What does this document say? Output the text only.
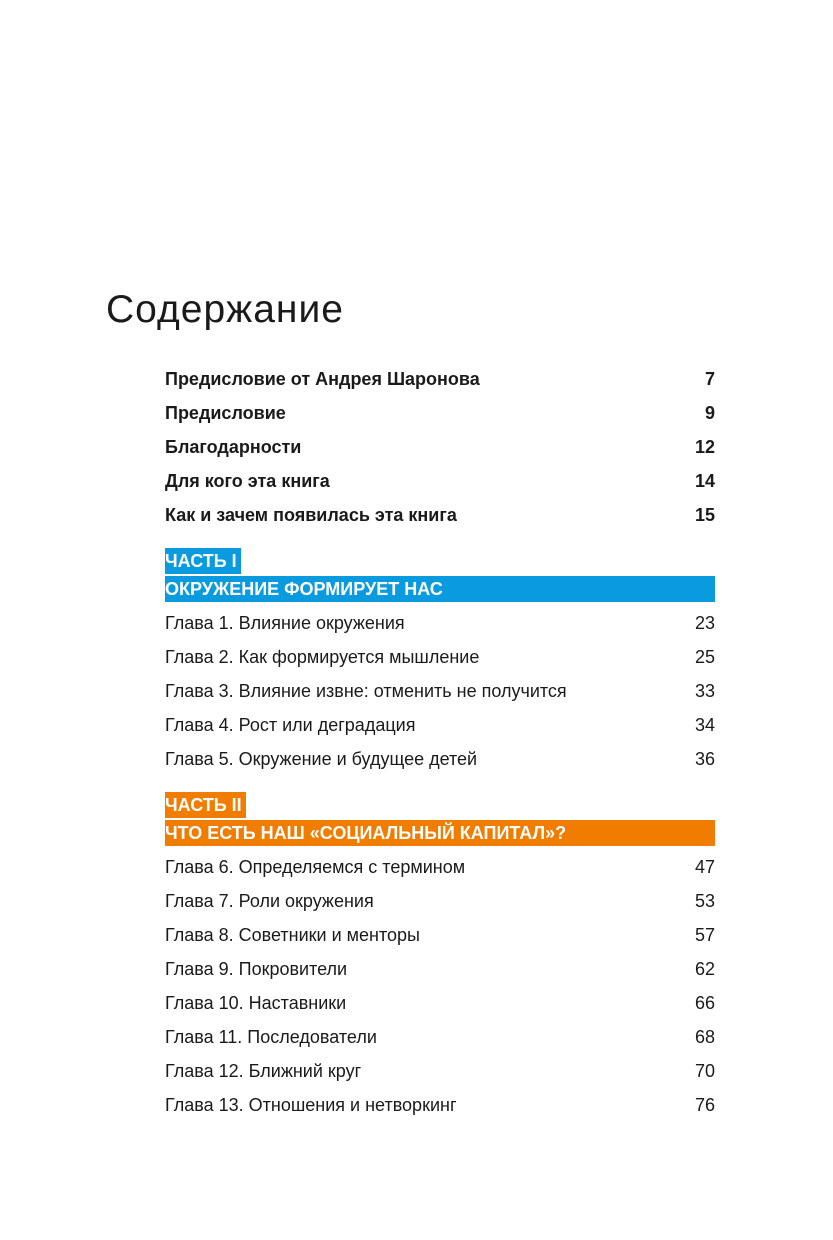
Содержание
Предисловие от Андрея Шаронова	7
Предисловие	9
Благодарности	12
Для кого эта книга	14
Как и зачем появилась эта книга	15
ЧАСТЬ I
ОКРУЖЕНИЕ ФОРМИРУЕТ НАС
Глава 1. Влияние окружения	23
Глава 2. Как формируется мышление	25
Глава 3. Влияние извне: отменить не получится	33
Глава 4. Рост или деградация	34
Глава 5. Окружение и будущее детей	36
ЧАСТЬ II
ЧТО ЕСТЬ НАШ «СОЦИАЛЬНЫЙ КАПИТАЛ»?
Глава 6. Определяемся с термином	47
Глава 7. Роли окружения	53
Глава 8. Советники и менторы	57
Глава 9. Покровители	62
Глава 10. Наставники	66
Глава 11. Последователи	68
Глава 12. Ближний круг	70
Глава 13. Отношения и нетворкинг	76
